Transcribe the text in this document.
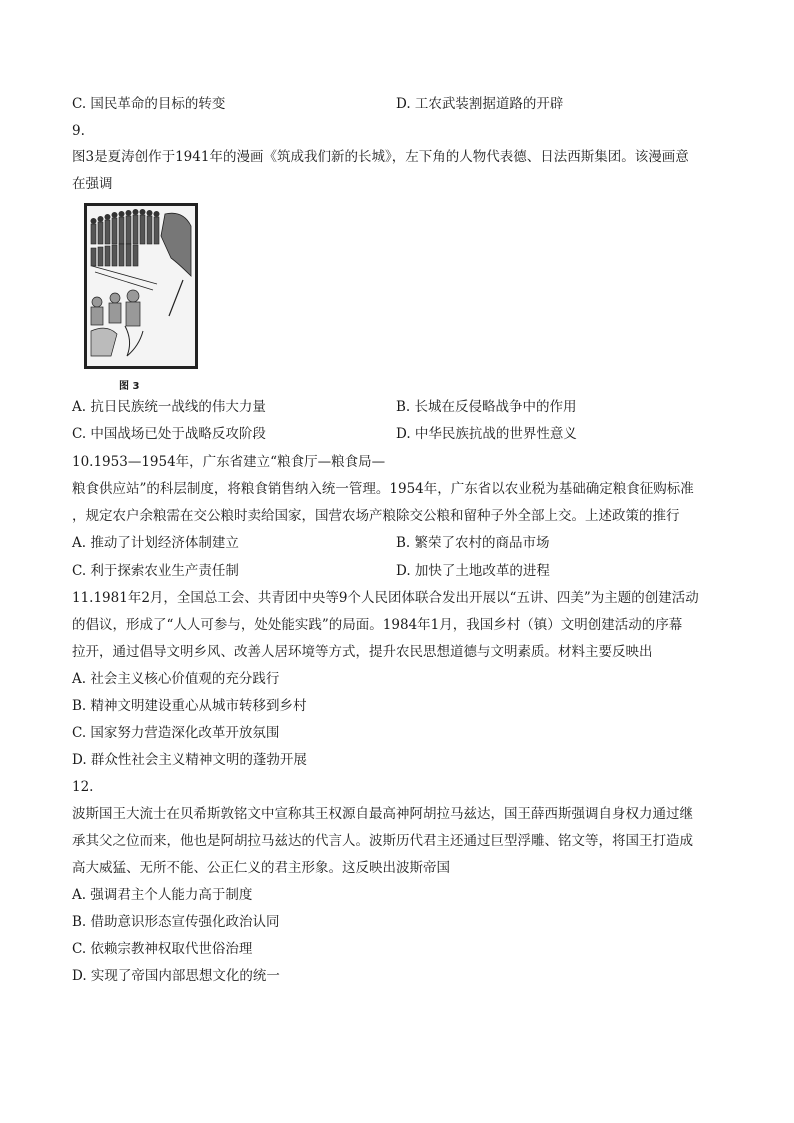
C. 国民革命的目标的转变	D. 工农武装割据道路的开辟
9.
图3是夏涛创作于1941年的漫画《筑成我们新的长城》，左下角的人物代表德、日法西斯集团。该漫画意
在强调
图 3
A. 抗日民族统一战线的伟大力量	B. 长城在反侵略战争中的作用
C. 中国战场已处于战略反攻阶段	D. 中华民族抗战的世界性意义
10.1953—1954年，广东省建立“粮食厅—粮食局—
粮食供应站”的科层制度，将粮食销售纳入统一管理。1954年，广东省以农业税为基础确定粮食征购标准
，规定农户余粮需在交公粮时卖给国家，国营农场产粮除交公粮和留种子外全部上交。上述政策的推行
A. 推动了计划经济体制建立	B. 繁荣了农村的商品市场
C. 利于探索农业生产责任制	D. 加快了土地改革的进程
11.1981年2月，全国总工会、共青团中央等9个人民团体联合发出开展以“五讲、四美”为主题的创建活动
的倡议，形成了“人人可参与，处处能实践”的局面。1984年1月，我国乡村（镇）文明创建活动的序幕
拉开，通过倡导文明乡风、改善人居环境等方式，提升农民思想道德与文明素质。材料主要反映出
A. 社会主义核心价值观的充分践行
B. 精神文明建设重心从城市转移到乡村
C. 国家努力营造深化改革开放氛围
D. 群众性社会主义精神文明的蓬勃开展
12.
波斯国王大流士在贝希斯敦铭文中宣称其王权源自最高神阿胡拉马兹达，国王薛西斯强调自身权力通过继
承其父之位而来，他也是阿胡拉马兹达的代言人。波斯历代君主还通过巨型浮雕、铭文等，将国王打造成
高大威猛、无所不能、公正仁义的君主形象。这反映出波斯帝国
A. 强调君主个人能力高于制度
B. 借助意识形态宣传强化政治认同
C. 依赖宗教神权取代世俗治理
D. 实现了帝国内部思想文化的统一
